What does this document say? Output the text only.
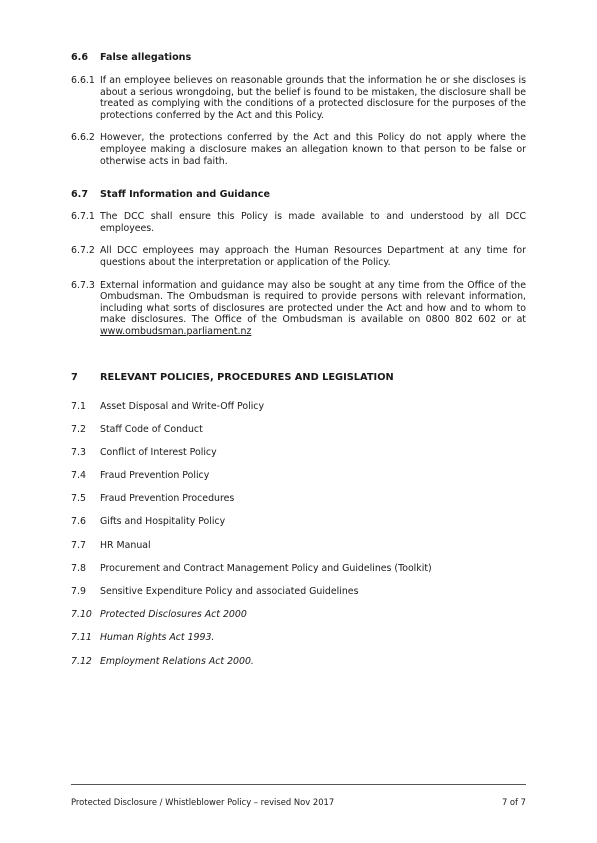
6.6	False allegations
6.6.1 If an employee believes on reasonable grounds that the information he or she discloses is about a serious wrongdoing, but the belief is found to be mistaken, the disclosure shall be treated as complying with the conditions of a protected disclosure for the purposes of the protections conferred by the Act and this Policy.
6.6.2 However, the protections conferred by the Act and this Policy do not apply where the employee making a disclosure makes an allegation known to that person to be false or otherwise acts in bad faith.
6.7	Staff Information and Guidance
6.7.1 The DCC shall ensure this Policy is made available to and understood by all DCC employees.
6.7.2 All DCC employees may approach the Human Resources Department at any time for questions about the interpretation or application of the Policy.
6.7.3 External information and guidance may also be sought at any time from the Office of the Ombudsman. The Ombudsman is required to provide persons with relevant information, including what sorts of disclosures are protected under the Act and how and to whom to make disclosures. The Office of the Ombudsman is available on 0800 802 602 or at www.ombudsman.parliament.nz
7	RELEVANT POLICIES, PROCEDURES AND LEGISLATION
7.1	Asset Disposal and Write-Off Policy
7.2	Staff Code of Conduct
7.3	Conflict of Interest Policy
7.4	Fraud Prevention Policy
7.5	Fraud Prevention Procedures
7.6	Gifts and Hospitality Policy
7.7	HR Manual
7.8	Procurement and Contract Management Policy and Guidelines (Toolkit)
7.9	Sensitive Expenditure Policy and associated Guidelines
7.10 Protected Disclosures Act 2000
7.11 Human Rights Act 1993.
7.12 Employment Relations Act 2000.
Protected Disclosure / Whistleblower Policy – revised Nov 2017	7 of 7
